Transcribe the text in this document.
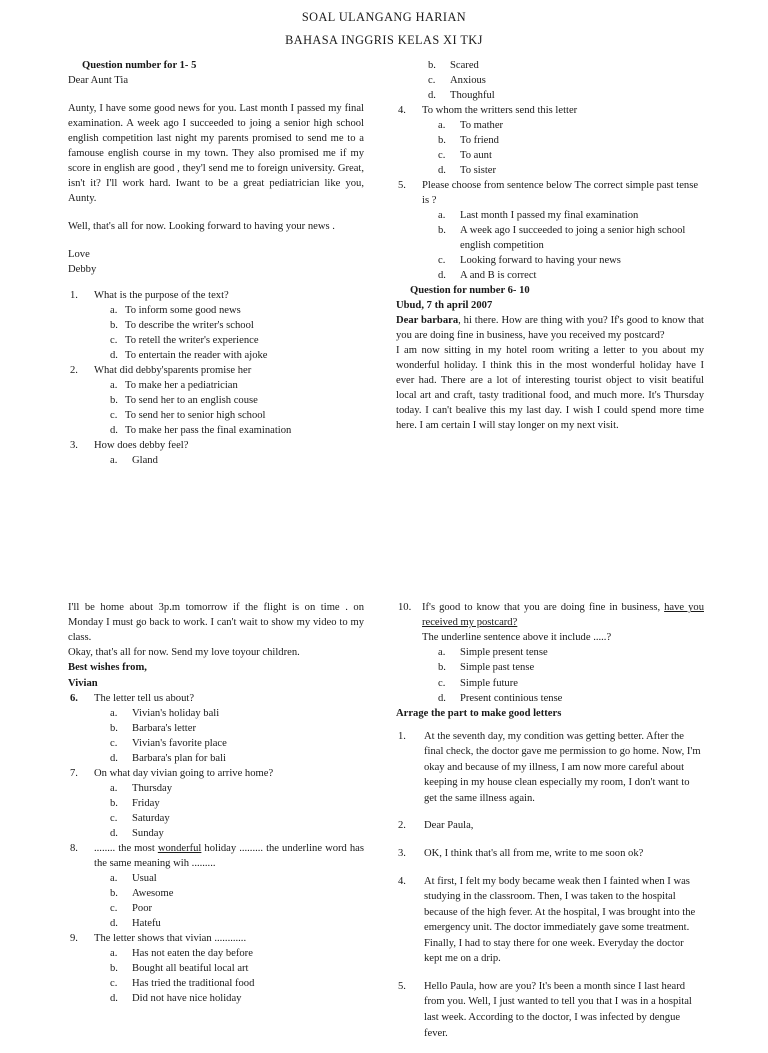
SOAL ULANGANG HARIAN
BAHASA INGGRIS KELAS XI TKJ
Question number for 1- 5
Dear Aunt Tia
Aunty, I have some good news for you. Last month I passed my final examination. A week ago I succeeded to joing a senior high school english competition last night my parents promised to send me to a famouse english course in my town. They also promised me if my score in english are good , they'l send me to foreign university. Great, isn't it? I'll work hard. Iwant to be a great pediatrician like you, Aunty.
Well, that's all for now. Looking forward to having your news .
Love
Debby
1.	What is the purpose of the text?
a. To inform some good news
b. To describe the writer's school
c. To retell the writer's experience
d. To entertain the reader with ajoke
2.	What did debby'sparents promise her
a. To make her a pediatrician
b. To send her to an english couse
c. To send her to senior high school
d. To make her pass the final examination
3.	How does debby feel?
a.	Gland
b.	Scared
c.	Anxious
d.	Thoughful
4.	To whom the writters send this letter
a.	To mather
b.	To friend
c.	To aunt
d.	To sister
5.	Please choose from sentence below The correct simple past tense is ?
a.	Last month I passed my final examination
b.	A week ago I succeeded to joing a senior high school english competition
c.	Looking forward to having your news
d.	A and B is correct
Question for number 6- 10
Ubud, 7 th april 2007
Dear barbara, hi there. How are thing with you? If's good to know that you are doing fine in business, have you received my postcard?
I am now sitting in my hotel room writing a letter to you about my wonderful holiday. I think this in the most wonderful holiday have I ever had. There are a lot of interesting tourist object to visit beatiful local art and craft, tasty traditional food, and much more. It's Thursday today. I can't bealive this my last day. I wish I could spend more time here. I am certain I will stay longer on my next visit.
I'll be home about 3p.m tomorrow if the flight is on time . on Monday I must go back to work. I can't wait to show my video to my class.
Okay, that's all for now. Send my love toyour children.
Best wishes from,
Vivian
6.	The letter tell us about?
a.	Vivian's holiday bali
b.	Barbara's letter
c.	Vivian's favorite place
d.	Barbara's plan for bali
7.	On what day vivian going to arrive home?
a.	Thursday
b.	Friday
c.	Saturday
d.	Sunday
8.	........ the most wonderful holiday ......... the underline word has the same meaning wih .........
a.	Usual
b.	Awesome
c.	Poor
d.	Hatefu
9.	The letter shows that vivian ............
a.	Has not eaten the day before
b.	Bought all beatiful local art
c.	Has tried the traditional food
d.	Did not have nice holiday
10.	If's good to know that you are doing fine in business, have you received my postcard?
The underline sentence above it include .....?
a.	Simple present tense
b.	Simple past tense
c.	Simple future
d.	Present continious tense
Arrage the part to make good letters
1.	At the seventh day, my condition was getting better. After the final check, the doctor gave me permission to go home. Now, I'm okay and because of my illness, I am now more careful about keeping in my house clean especially my room, I don't want to get the same illness again.
2.	Dear Paula,
3.	OK, I think that's all from me, write to me soon ok?
4.	At first, I felt my body became weak then I fainted when I was studying in the classroom. Then, I was taken to the hospital because of the high fever. At the hospital, I was brought into the emergency unit. The doctor immediately gave some treatment. Finally, I had to stay there for one week. Everyday the doctor kept me on a drip.
5.	Hello Paula, how are you? It's been a month since I last heard from you. Well, I just wanted to tell you that I was in a hospital last week. According to the doctor, I was infected by dengue fever.
